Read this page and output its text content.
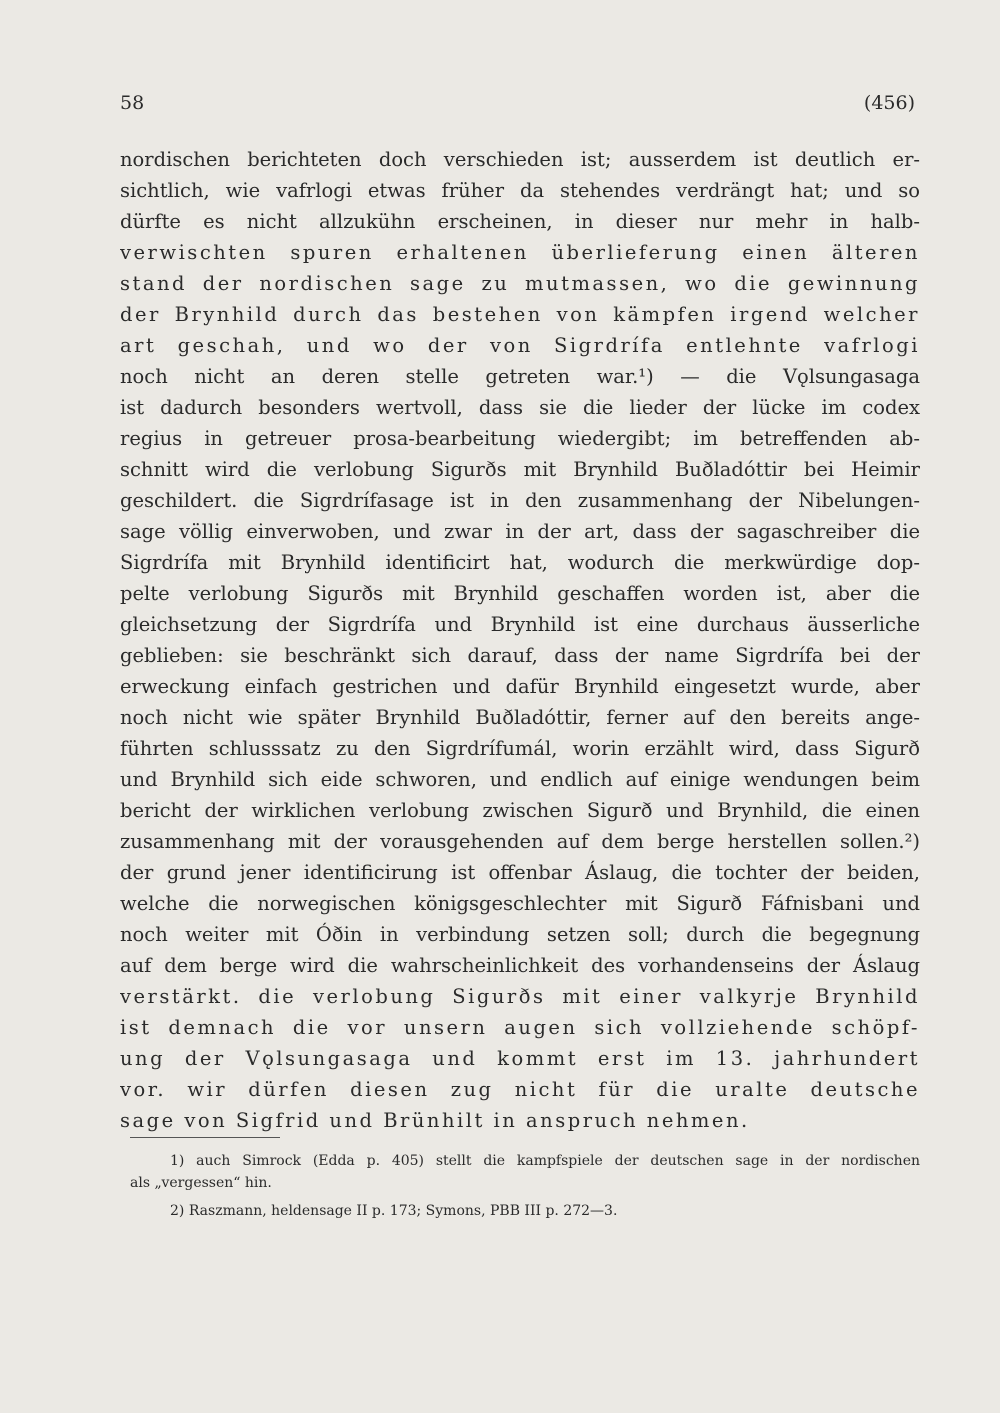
58	(456)
nordischen berichteten doch verschieden ist; ausserdem ist deutlich er-
sichtlich, wie vafrlogi etwas früher da stehendes verdrängt hat; und so
dürfte es nicht allzukühn erscheinen, in dieser nur mehr in halb-
verwischten spuren erhaltenen überlieferung einen älteren
stand der nordischen sage zu mutmassen, wo die gewinnung
der Brynhild durch das bestehen von kämpfen irgend welcher
art geschah, und wo der von Sigrdrífa entlehnte vafrlogi
noch nicht an deren stelle getreten war.¹) — die Vǫlsungasaga
ist dadurch besonders wertvoll, dass sie die lieder der lücke im codex
regius in getreuer prosa-bearbeitung wiedergibt; im betreffenden ab-
schnitt wird die verlobung Sigurðs mit Brynhild Buðladóttir bei Heimir
geschildert. die Sigrdrífasage ist in den zusammenhang der Nibelungen-
sage völlig einverwoben, und zwar in der art, dass der sagaschreiber die
Sigrdrífa mit Brynhild identificirt hat, wodurch die merkwürdige dop-
pelte verlobung Sigurðs mit Brynhild geschaffen worden ist, aber die
gleichsetzung der Sigrdrífa und Brynhild ist eine durchaus äusserliche
geblieben: sie beschränkt sich darauf, dass der name Sigrdrífa bei der
erweckung einfach gestrichen und dafür Brynhild eingesetzt wurde, aber
noch nicht wie später Brynhild Buðladóttir, ferner auf den bereits ange-
führten schlusssatz zu den Sigrdrífumál, worin erzählt wird, dass Sigurð
und Brynhild sich eide schworen, und endlich auf einige wendungen beim
bericht der wirklichen verlobung zwischen Sigurð und Brynhild, die einen
zusammenhang mit der vorausgehenden auf dem berge herstellen sollen.²)
der grund jener identificirung ist offenbar Áslaug, die tochter der beiden,
welche die norwegischen königsgeschlechter mit Sigurð Fáfnisbani und
noch weiter mit Óðin in verbindung setzen soll; durch die begegnung
auf dem berge wird die wahrscheinlichkeit des vorhandenseins der Áslaug
verstärkt. die verlobung Sigurðs mit einer valkyrje Brynhild
ist demnach die vor unsern augen sich vollziehende schöpf-
ung der Vǫlsungasaga und kommt erst im 13. jahrhundert
vor. wir dürfen diesen zug nicht für die uralte deutsche
sage von Sigfrid und Brünhilt in anspruch nehmen.
1) auch Simrock (Edda p. 405) stellt die kampfspiele der deutschen sage in der nordischen
als „vergessen“ hin.
2) Raszmann, heldensage II p. 173; Symons, PBB III p. 272—3.
